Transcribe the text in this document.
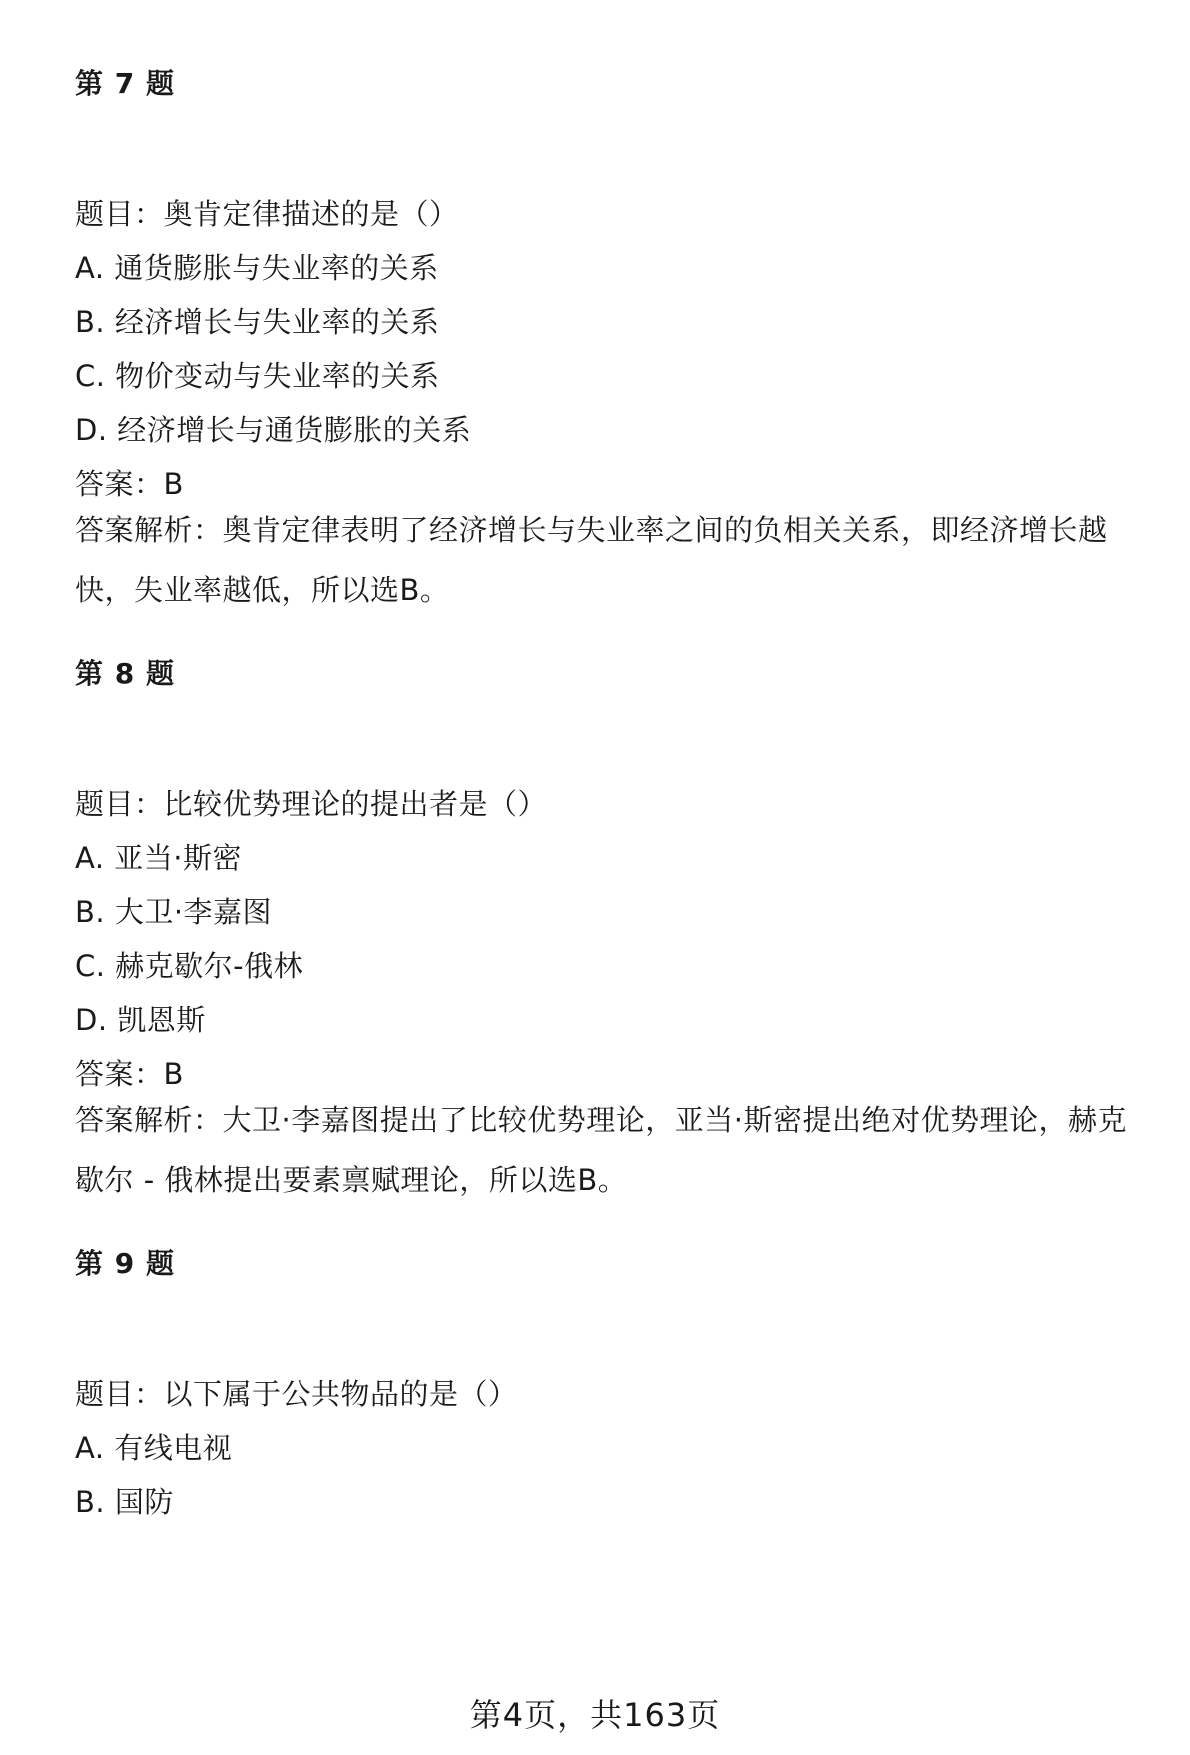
第 7 题
题目：奥肯定律描述的是（）
A. 通货膨胀与失业率的关系
B. 经济增长与失业率的关系
C. 物价变动与失业率的关系
D. 经济增长与通货膨胀的关系
答案：B
答案解析：奥肯定律表明了经济增长与失业率之间的负相关关系，即经济增长越快，失业率越低，所以选B。
第 8 题
题目：比较优势理论的提出者是（）
A. 亚当·斯密
B. 大卫·李嘉图
C. 赫克歇尔-俄林
D. 凯恩斯
答案：B
答案解析：大卫·李嘉图提出了比较优势理论，亚当·斯密提出绝对优势理论，赫克歇尔 - 俄林提出要素禀赋理论，所以选B。
第 9 题
题目：以下属于公共物品的是（）
A. 有线电视
B. 国防
第4页，共163页
